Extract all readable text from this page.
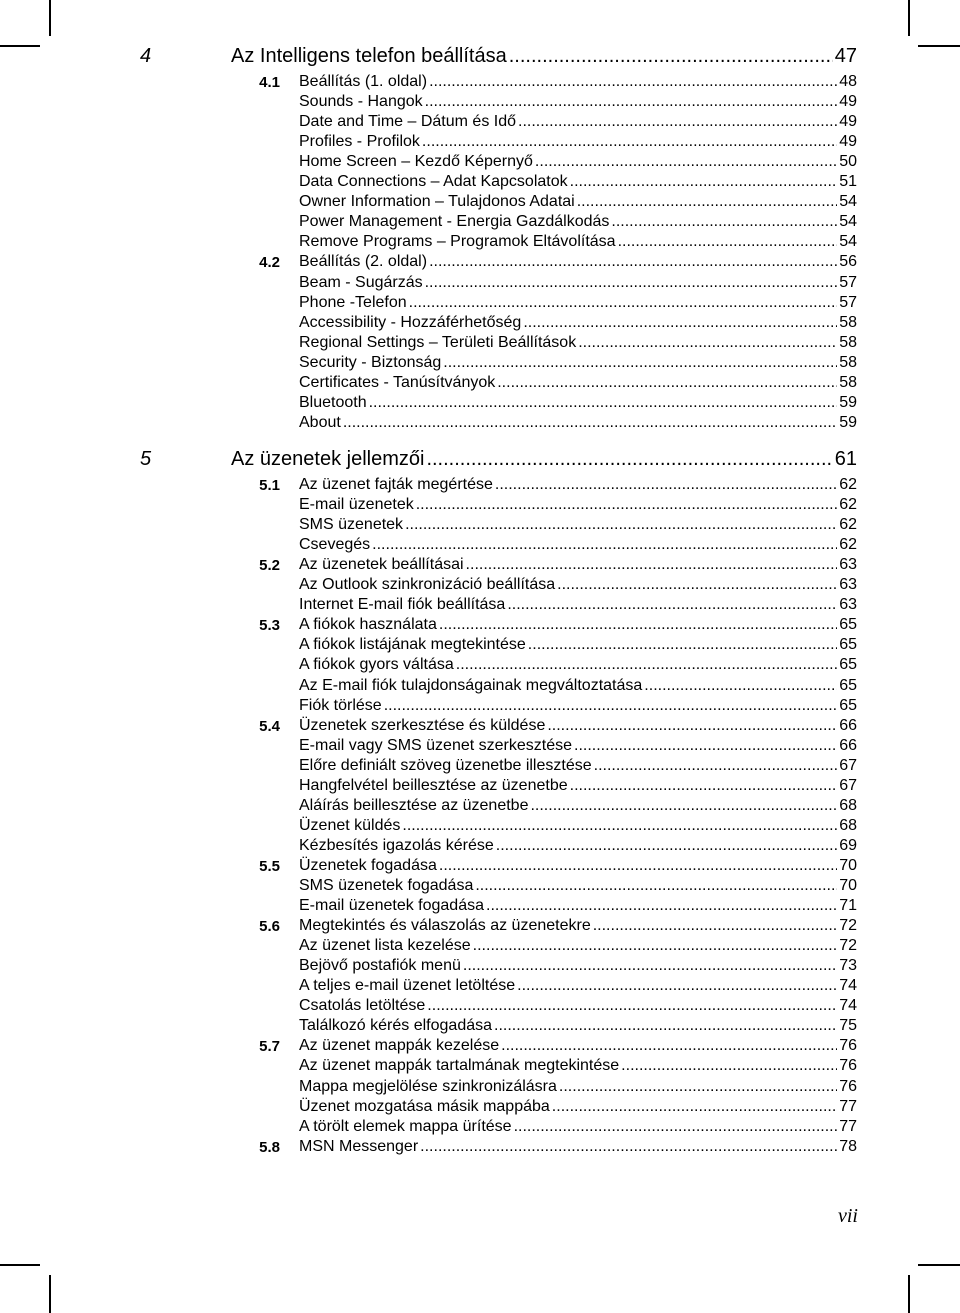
4	Az Intelligens telefon beállítása .....	47
4.1 Beállítás (1. oldal) .....	48
Sounds - Hangok .....	49
Date and Time – Dátum és Idő .....	49
Profiles - Profilok .....	49
Home Screen – Kezdő Képernyő .....	50
Data Connections – Adat Kapcsolatok .....	51
Owner Information – Tulajdonos Adatai .....	54
Power Management - Energia Gazdálkodás .....	54
Remove Programs – Programok Eltávolítása .....	54
4.2 Beállítás (2. oldal) .....	56
Beam - Sugárzás .....	57
Phone -Telefon .....	57
Accessibility - Hozzáférhetőség .....	58
Regional Settings – Területi Beállítások .....	58
Security - Biztonság .....	58
Certificates - Tanúsítványok .....	58
Bluetooth .....	59
About .....	59
5	Az üzenetek jellemzői .....	61
5.1 Az üzenet fajták megértése .....	62
E-mail üzenetek .....	62
SMS üzenetek .....	62
Csevegés .....	62
5.2 Az üzenetek beállításai .....	63
Az Outlook szinkronizáció beállítása .....	63
Internet E-mail fiók beállítása .....	63
5.3 A fiókok használata .....	65
A fiókok listájának megtekintése .....	65
A fiókok gyors váltása .....	65
Az E-mail fiók tulajdonságainak megváltoztatása .....	65
Fiók törlése .....	65
5.4 Üzenetek szerkesztése és küldése .....	66
E-mail vagy SMS üzenet szerkesztése .....	66
Előre definiált szöveg üzenetbe illesztése .....	67
Hangfelvétel beillesztése az üzenetbe .....	67
Aláírás beillesztése az üzenetbe .....	68
Üzenet küldés .....	68
Kézbesítés igazolás kérése .....	69
5.5 Üzenetek fogadása .....	70
SMS üzenetek fogadása .....	70
E-mail üzenetek fogadása .....	71
5.6 Megtekintés és válaszolás az üzenetekre .....	72
Az üzenet lista kezelése .....	72
Bejövő postafiók menü .....	73
A teljes e-mail üzenet letöltése .....	74
Csatolás letöltése .....	74
Találkozó kérés elfogadása .....	75
5.7 Az üzenet mappák kezelése .....	76
Az üzenet mappák tartalmának megtekintése .....	76
Mappa megjelölése szinkronizálásra .....	76
Üzenet mozgatása másik mappába .....	77
A törölt elemek mappa ürítése .....	77
5.8 MSN Messenger .....	78
vii
